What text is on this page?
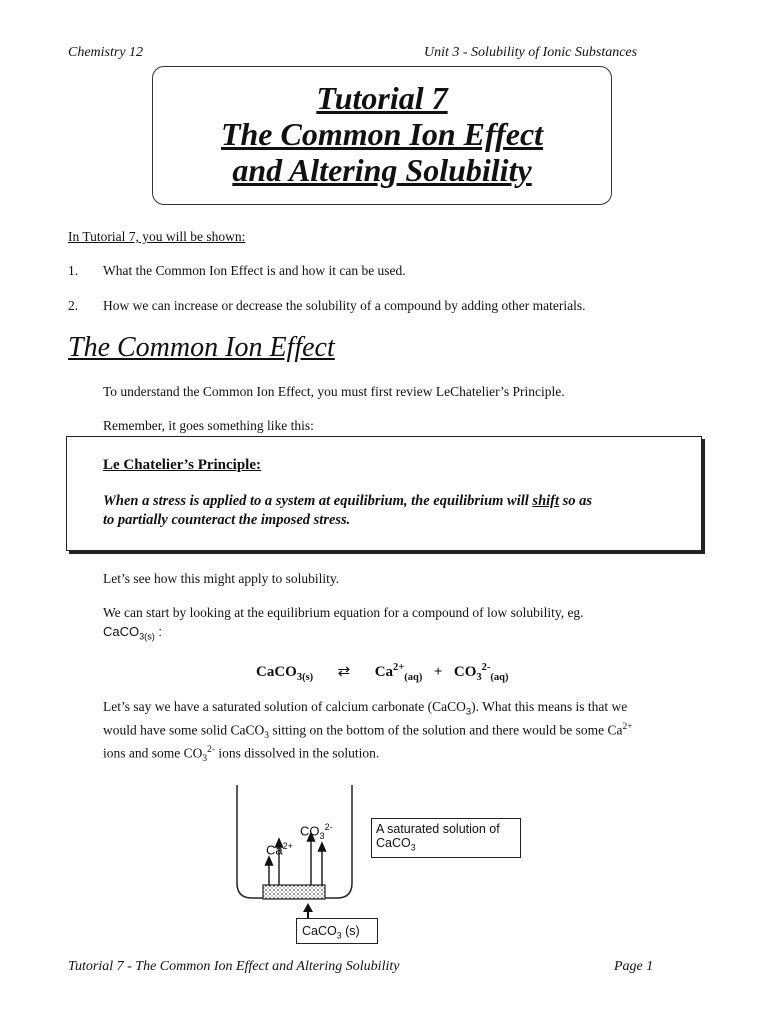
Chemistry 12	Unit 3 - Solubility of Ionic Substances
Tutorial 7
The Common Ion Effect
and Altering Solubility
In Tutorial 7, you will be shown:
1. What the Common Ion Effect is and how it can be used.
2. How we can increase or decrease the solubility of a compound by adding other materials.
The Common Ion Effect
To understand the Common Ion Effect, you must first review LeChatelier’s Principle.
Remember, it goes something like this:
Le Chatelier’s Principle:
When a stress is applied to a system at equilibrium, the equilibrium will shift so as
to partially counteract the imposed stress.
Let’s see how this might apply to solubility.
We can start by looking at the equilibrium equation for a compound of low solubility, eg.
CaCO$_{3(s)}$ :
CaCO$_{3(s)}$ ⇄ $Ca^{2+}_{(aq)} + CO_3^{2-}_{(aq)}$
Let’s say we have a saturated solution of calcium carbonate (CaCO$_3$). What this means is that we
would have some solid CaCO$_3$ sitting on the bottom of the solution and there would be some $Ca^{2+}$
ions and some $CO_3^{2-}$ ions dissolved in the solution.
$CO_3^{2-}$
$Ca^{2+}$
A saturated solution of
CaCO$_3$
CaCO$_3$ (s)
Tutorial 7 - The Common Ion Effect and Altering Solubility	Page 1
